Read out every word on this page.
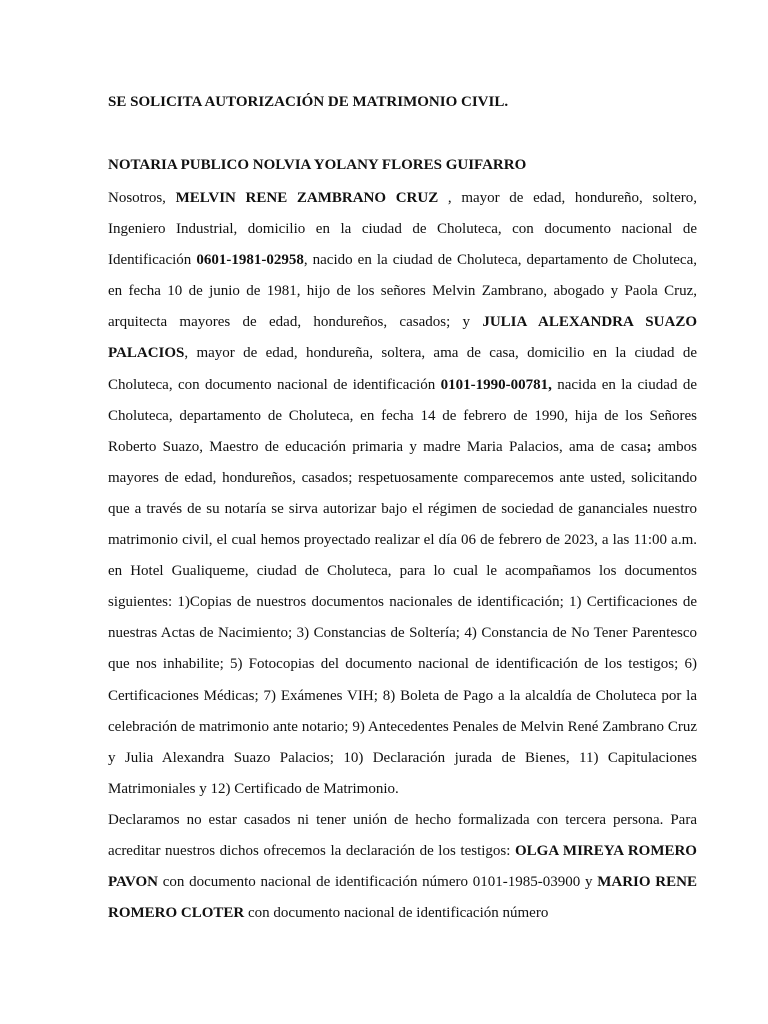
SE SOLICITA AUTORIZACIÓN DE MATRIMONIO CIVIL.
NOTARIA PUBLICO NOLVIA YOLANY FLORES GUIFARRO

Nosotros, MELVIN RENE ZAMBRANO CRUZ , mayor de edad, hondureño, soltero, Ingeniero Industrial, domicilio en la ciudad de Choluteca, con documento nacional de Identificación 0601-1981-02958, nacido en la ciudad de Choluteca, departamento de Choluteca, en fecha 10 de junio de 1981, hijo de los señores Melvin Zambrano, abogado y Paola Cruz, arquitecta mayores de edad, hondureños, casados; y JULIA ALEXANDRA SUAZO PALACIOS, mayor de edad, hondureña, soltera, ama de casa, domicilio en la ciudad de Choluteca, con documento nacional de identificación 0101-1990-00781, nacida en la ciudad de Choluteca, departamento de Choluteca, en fecha 14 de febrero de 1990, hija de los Señores Roberto Suazo, Maestro de educación primaria y madre Maria Palacios, ama de casa; ambos mayores de edad, hondureños, casados; respetuosamente comparecemos ante usted, solicitando que a través de su notaría se sirva autorizar bajo el régimen de sociedad de gananciales nuestro matrimonio civil, el cual hemos proyectado realizar el día 06 de febrero de 2023, a las 11:00 a.m. en Hotel Gualiqueme, ciudad de Choluteca, para lo cual le acompañamos los documentos siguientes: 1)Copias de nuestros documentos nacionales de identificación; 1) Certificaciones de nuestras Actas de Nacimiento; 3) Constancias de Soltería; 4) Constancia de No Tener Parentesco que nos inhabilite; 5) Fotocopias del documento nacional de identificación de los testigos; 6) Certificaciones Médicas; 7) Exámenes VIH; 8) Boleta de Pago a la alcaldía de Choluteca por la celebración de matrimonio ante notario; 9) Antecedentes Penales de Melvin René Zambrano Cruz y Julia Alexandra Suazo Palacios; 10) Declaración jurada de Bienes, 11) Capitulaciones Matrimoniales y 12) Certificado de Matrimonio.

Declaramos no estar casados ni tener unión de hecho formalizada con tercera persona. Para acreditar nuestros dichos ofrecemos la declaración de los testigos: OLGA MIREYA ROMERO PAVON con documento nacional de identificación número 0101-1985-03900 y MARIO RENE ROMERO CLOTER con documento nacional de identificación número
